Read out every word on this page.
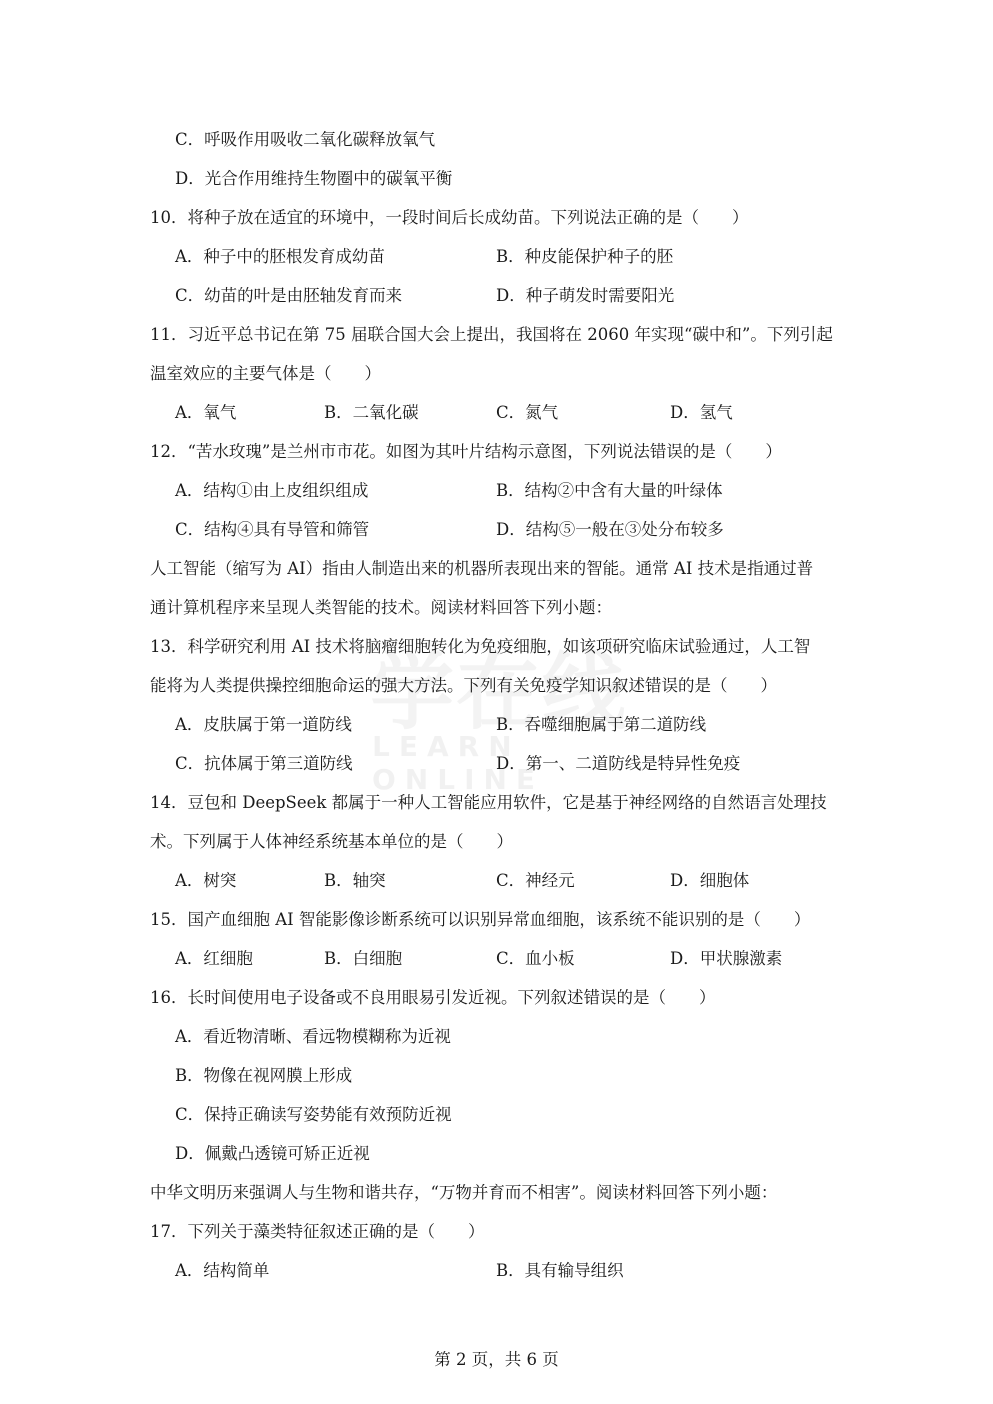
LEARN ONLINE
C．呼吸作用吸收二氧化碳释放氧气
D．光合作用维持生物圈中的碳氧平衡
10．将种子放在适宜的环境中，一段时间后长成幼苗。下列说法正确的是（　　）
A．种子中的胚根发育成幼苗	B．种皮能保护种子的胚
C．幼苗的叶是由胚轴发育而来	D．种子萌发时需要阳光
11．习近平总书记在第 75 届联合国大会上提出，我国将在 2060 年实现“碳中和”。下列引起
温室效应的主要气体是（　　）
A．氧气	B．二氧化碳	C．氮气	D．氢气
12．“苦水玫瑰”是兰州市市花。如图为其叶片结构示意图，下列说法错误的是（　　）
A．结构①由上皮组织组成	B．结构②中含有大量的叶绿体
C．结构④具有导管和筛管	D．结构⑤一般在③处分布较多
人工智能（缩写为 AI）指由人制造出来的机器所表现出来的智能。通常 AI 技术是指通过普
通计算机程序来呈现人类智能的技术。阅读材料回答下列小题：
13．科学研究利用 AI 技术将脑瘤细胞转化为免疫细胞，如该项研究临床试验通过，人工智
能将为人类提供操控细胞命运的强大方法。下列有关免疫学知识叙述错误的是（　　）
A．皮肤属于第一道防线	B．吞噬细胞属于第二道防线
C．抗体属于第三道防线	D．第一、二道防线是特异性免疫
14．豆包和 DeepSeek 都属于一种人工智能应用软件，它是基于神经网络的自然语言处理技
术。下列属于人体神经系统基本单位的是（　　）
A．树突	B．轴突	C．神经元	D．细胞体
15．国产血细胞 AI 智能影像诊断系统可以识别异常血细胞，该系统不能识别的是（　　）
A．红细胞	B．白细胞	C．血小板	D．甲状腺激素
16．长时间使用电子设备或不良用眼易引发近视。下列叙述错误的是（　　）
A．看近物清晰、看远物模糊称为近视
B．物像在视网膜上形成
C．保持正确读写姿势能有效预防近视
D．佩戴凸透镜可矫正近视
中华文明历来强调人与生物和谐共存，“万物并育而不相害”。阅读材料回答下列小题：
17．下列关于藻类特征叙述正确的是（　　）
A．结构简单	B．具有输导组织
第 2 页，共 6 页
